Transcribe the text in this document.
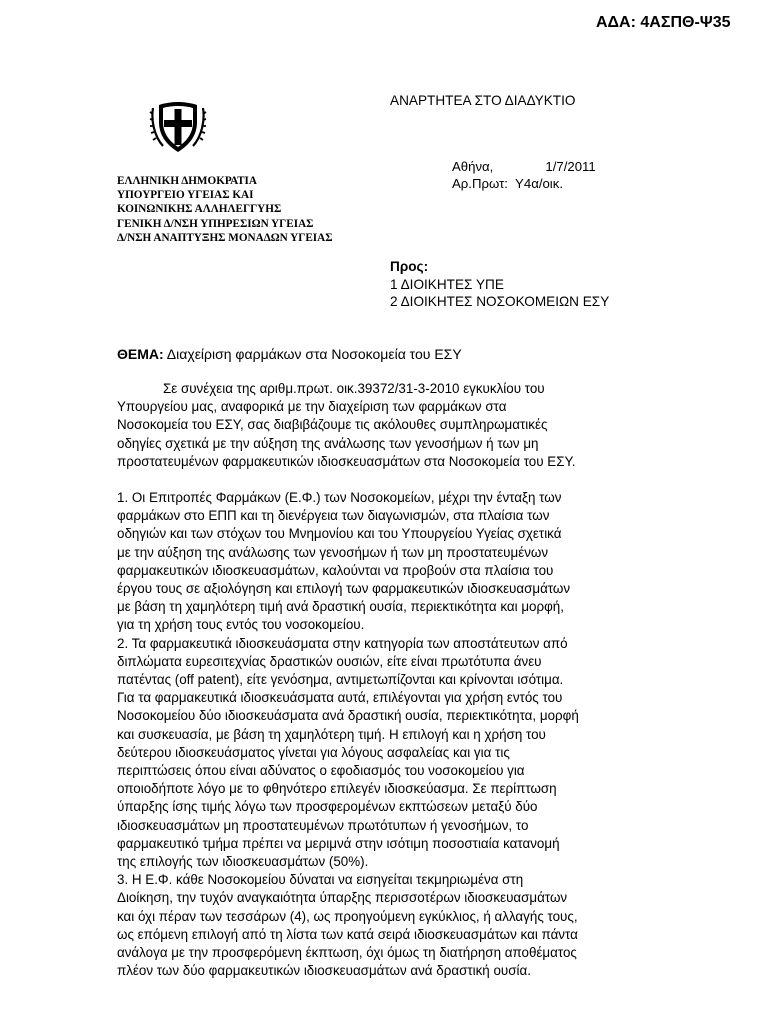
ΑΔΑ: 4ΑΣΠΘ-Ψ35
ΕΛΛΗΝΙΚΗ ΔΗΜΟΚΡΑΤΙΑ
ΥΠΟΥΡΓΕΙΟ ΥΓΕΙΑΣ ΚΑΙ
ΚΟΙΝΩΝΙΚΗΣ ΑΛΛΗΛΕΓΓΥΗΣ
ΓΕΝΙΚΗ Δ/ΝΣΗ ΥΠΗΡΕΣΙΩΝ ΥΓΕΙΑΣ
Δ/ΝΣΗ ΑΝΑΠΤΥΞΗΣ ΜΟΝΑΔΩΝ ΥΓΕΙΑΣ
ΑΝΑΡΤΗΤΕΑ ΣΤΟ ΔΙΑΔΥΚΤΙΟ
Αθήνα,	1/7/2011
Αρ.Πρωτ:  Υ4α/οικ.
Προς:
1 ΔΙΟΙΚΗΤΕΣ ΥΠΕ
2 ΔΙΟΙΚΗΤΕΣ ΝΟΣΟΚΟΜΕΙΩΝ ΕΣΥ
ΘΕΜΑ: Διαχείριση φαρμάκων στα Νοσοκομεία του ΕΣΥ
Σε συνέχεια της αριθμ.πρωτ. οικ.39372/31-3-2010 εγκυκλίου του
Υπουργείου μας, αναφορικά με την διαχείριση των φαρμάκων στα
Νοσοκομεία του ΕΣΥ, σας διαβιβάζουμε τις ακόλουθες συμπληρωματικές
οδηγίες σχετικά με την αύξηση της ανάλωσης των γενοσήμων ή των μη
προστατευμένων φαρμακευτικών ιδιοσκευασμάτων στα Νοσοκομεία του ΕΣΥ.
1. Οι Επιτροπές Φαρμάκων (Ε.Φ.) των Νοσοκομείων, μέχρι την ένταξη των
φαρμάκων στο ΕΠΠ και τη διενέργεια των διαγωνισμών, στα πλαίσια των
οδηγιών και των στόχων του Μνημονίου και του Υπουργείου Υγείας σχετικά
με την αύξηση της ανάλωσης των γενοσήμων ή των μη προστατευμένων
φαρμακευτικών ιδιοσκευασμάτων, καλούνται να προβούν στα πλαίσια του
έργου τους σε αξιολόγηση και επιλογή των φαρμακευτικών ιδιοσκευασμάτων
με βάση τη χαμηλότερη τιμή ανά δραστική ουσία, περιεκτικότητα και μορφή,
για τη χρήση τους εντός του νοσοκομείου.
2. Τα φαρμακευτικά ιδιοσκευάσματα στην κατηγορία των αποστάτευτων από
διπλώματα ευρεσιτεχνίας δραστικών ουσιών, είτε είναι πρωτότυπα άνευ
πατέντας (off patent), είτε γενόσημα, αντιμετωπίζονται και κρίνονται ισότιμα.
Για τα φαρμακευτικά ιδιοσκευάσματα αυτά, επιλέγονται για χρήση εντός του
Νοσοκομείου δύο ιδιοσκευάσματα ανά δραστική ουσία, περιεκτικότητα, μορφή
και συσκευασία, με βάση τη χαμηλότερη τιμή. Η επιλογή και η χρήση του
δεύτερου ιδιοσκευάσματος γίνεται για λόγους ασφαλείας και για τις
περιπτώσεις όπου είναι αδύνατος ο εφοδιασμός του νοσοκομείου για
οποιοδήποτε λόγο με το φθηνότερο επιλεγέν ιδιοσκεύασμα. Σε περίπτωση
ύπαρξης ίσης τιμής λόγω των προσφερομένων εκπτώσεων μεταξύ δύο
ιδιοσκευασμάτων μη προστατευμένων πρωτότυπων ή γενοσήμων, το
φαρμακευτικό τμήμα πρέπει να μεριμνά στην ισότιμη ποσοστιαία κατανομή
της επιλογής των ιδιοσκευασμάτων (50%).
3. Η Ε.Φ. κάθε Νοσοκομείου δύναται να εισηγείται τεκμηριωμένα στη
Διοίκηση, την τυχόν αναγκαιότητα ύπαρξης περισσοτέρων ιδιοσκευασμάτων
και όχι πέραν των τεσσάρων (4), ως προηγούμενη εγκύκλιος, ή αλλαγής τους,
ως επόμενη επιλογή από τη λίστα των κατά σειρά ιδιοσκευασμάτων και πάντα
ανάλογα με την προσφερόμενη έκπτωση, όχι όμως τη διατήρηση αποθέματος
πλέον των δύο φαρμακευτικών ιδιοσκευασμάτων ανά δραστική ουσία.
